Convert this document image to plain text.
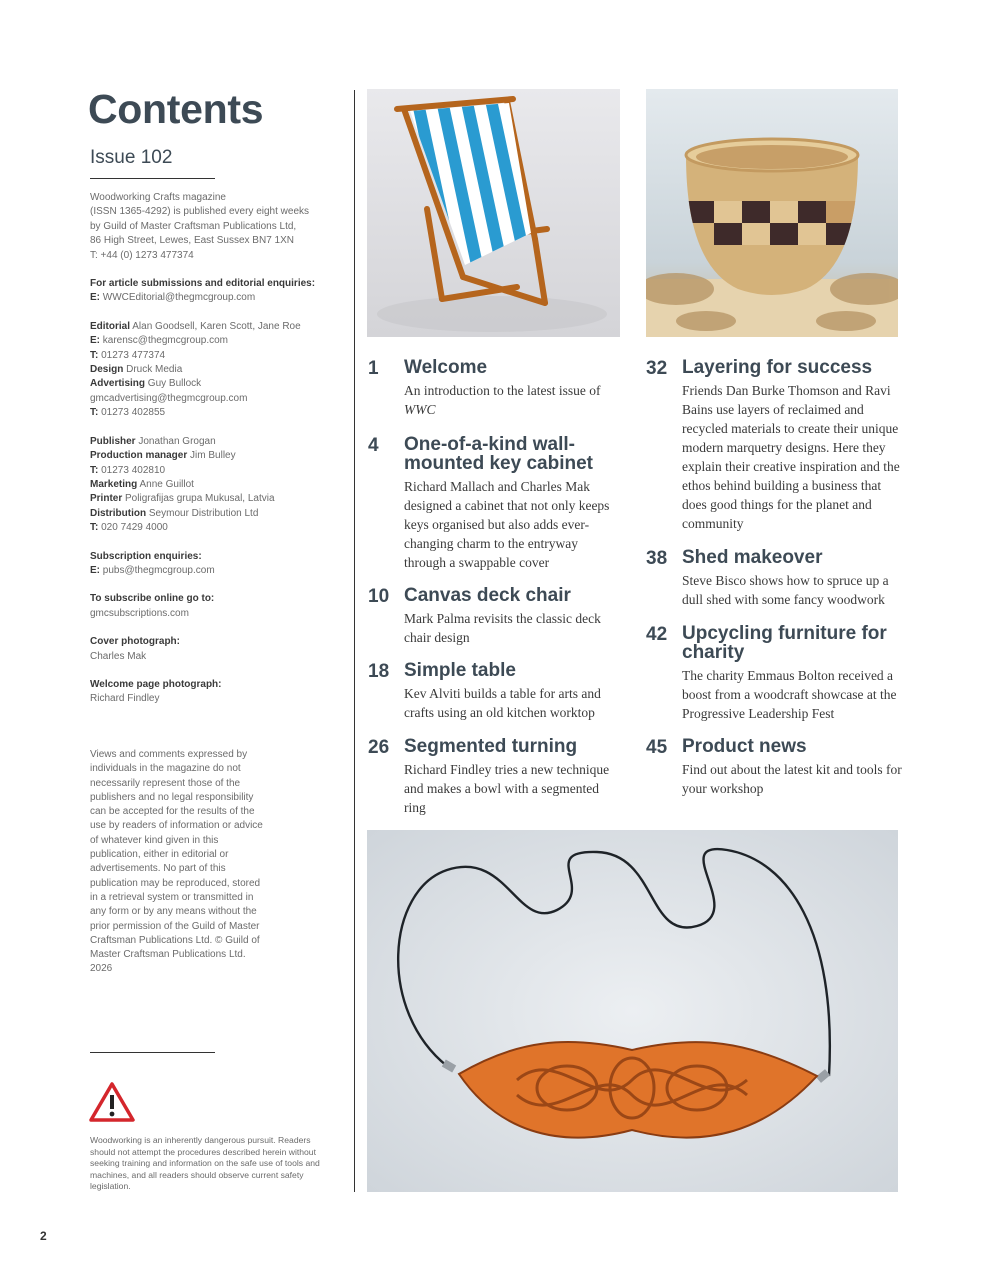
Contents
Issue 102

Woodworking Crafts magazine
(ISSN 1365-4292) is published every eight weeks
by Guild of Master Craftsman Publications Ltd,
86 High Street, Lewes, East Sussex BN7 1XN
T: +44 (0) 1273 477374

For article submissions and editorial enquiries:
E: WWCEditorial@thegmcgroup.com

Editorial Alan Goodsell, Karen Scott, Jane Roe
E: karensc@thegmcgroup.com
T: 01273 477374
Design Druck Media
Advertising Guy Bullock
gmcadvertising@thegmcgroup.com
T: 01273 402855

Publisher Jonathan Grogan
Production manager Jim Bulley
T: 01273 402810
Marketing Anne Guillot
Printer Poligrafijas grupa Mukusal, Latvia
Distribution Seymour Distribution Ltd
T: 020 7429 4000

Subscription enquiries:
E: pubs@thegmcgroup.com

To subscribe online go to:
gmcsubscriptions.com

Cover photograph:
Charles Mak

Welcome page photograph:
Richard Findley

Views and comments expressed by individuals in the magazine do not necessarily represent those of the publishers and no legal responsibility can be accepted for the results of the use by readers of information or advice of whatever kind given in this publication, either in editorial or advertisements. No part of this publication may be reproduced, stored in a retrieval system or transmitted in any form or by any means without the prior permission of the Guild of Master Craftsman Publications Ltd. © Guild of Master Craftsman Publications Ltd. 2026

Woodworking is an inherently dangerous pursuit. Readers should not attempt the procedures described herein without seeking training and information on the safe use of tools and machines, and all readers should observe current safety legislation.

2
1 Welcome

An introduction to the latest issue of WWC

4 One-of-a-kind wall-mounted key cabinet

Richard Mallach and Charles Mak designed a cabinet that not only keeps keys organised but also adds ever-changing charm to the entryway through a swappable cover

10 Canvas deck chair

Mark Palma revisits the classic deck chair design

18 Simple table

Kev Alviti builds a table for arts and crafts using an old kitchen worktop

26 Segmented turning

Richard Findley tries a new technique and makes a bowl with a segmented ring

32 Layering for success

Friends Dan Burke Thomson and Ravi Bains use layers of reclaimed and recycled materials to create their unique modern marquetry designs. Here they explain their creative inspiration and the ethos behind building a business that does good things for the planet and community

38 Shed makeover

Steve Bisco shows how to spruce up a dull shed with some fancy woodwork

42 Upcycling furniture for charity

The charity Emmaus Bolton received a boost from a woodcraft showcase at the Progressive Leadership Fest

45 Product news

Find out about the latest kit and tools for your workshop
